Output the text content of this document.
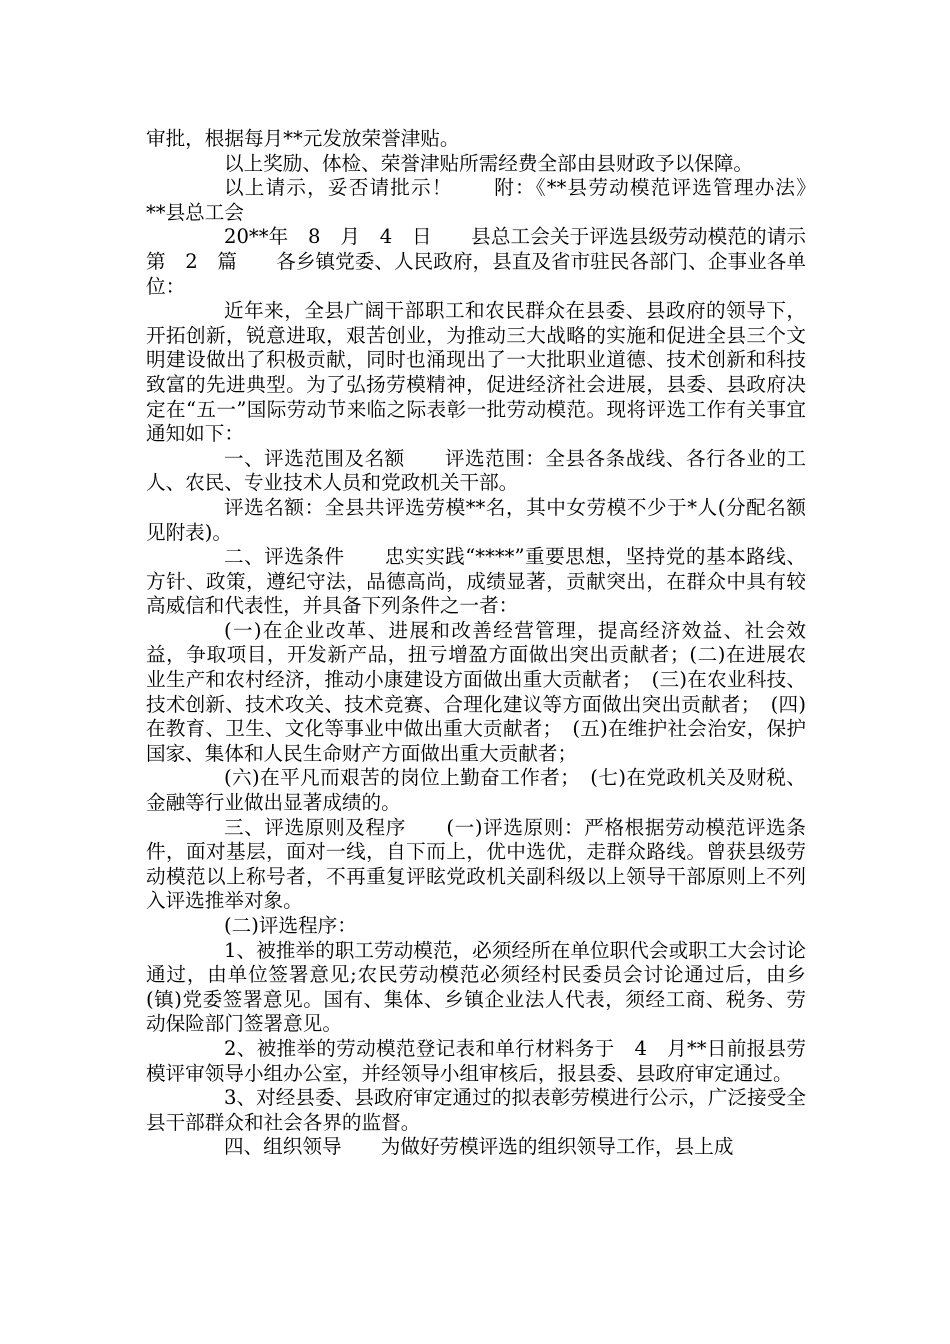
审批，根据每月**元发放荣誉津贴。

以上奖励、体检、荣誉津贴所需经费全部由县财政予以保障。

以上请示，妥否请批示！　　附：《**县劳动模范评选管理办法》　　**县总工会

20**年　8　月　4　日　　县总工会关于评选县级劳动模范的请示第　2　篇　　各乡镇党委、人民政府，县直及省市驻民各部门、企事业各单位：

近年来，全县广阔干部职工和农民群众在县委、县政府的领导下，开拓创新，锐意进取，艰苦创业，为推动三大战略的实施和促进全县三个文明建设做出了积极贡献，同时也涌现出了一大批职业道德、技术创新和科技致富的先进典型。为了弘扬劳模精神，促进经济社会进展，县委、县政府决定在“五一”国际劳动节来临之际表彰一批劳动模范。现将评选工作有关事宜通知如下：

一、评选范围及名额　　评选范围：全县各条战线、各行各业的工人、农民、专业技术人员和党政机关干部。

评选名额：全县共评选劳模**名，其中女劳模不少于*人(分配名额见附表)。

二、评选条件　　忠实实践“****”重要思想，坚持党的基本路线、方针、政策，遵纪守法，品德高尚，成绩显著，贡献突出，在群众中具有较高威信和代表性，并具备下列条件之一者：

(一)在企业改革、进展和改善经营管理，提高经济效益、社会效益，争取项目，开发新产品，扭亏增盈方面做出突出贡献者；(二)在进展农业生产和农村经济，推动小康建设方面做出重大贡献者；　(三)在农业科技、技术创新、技术攻关、技术竞赛、合理化建议等方面做出突出贡献者；　(四)在教育、卫生、文化等事业中做出重大贡献者；　(五)在维护社会治安，保护国家、集体和人民生命财产方面做出重大贡献者；

(六)在平凡而艰苦的岗位上勤奋工作者；　(七)在党政机关及财税、金融等行业做出显著成绩的。

三、评选原则及程序　　(一)评选原则：严格根据劳动模范评选条件，面对基层，面对一线，自下而上，优中选优，走群众路线。曾获县级劳动模范以上称号者，不再重复评眩党政机关副科级以上领导干部原则上不列入评选推举对象。

(二)评选程序：

1、被推举的职工劳动模范，必须经所在单位职代会或职工大会讨论通过，由单位签署意见;农民劳动模范必须经村民委员会讨论通过后，由乡(镇)党委签署意见。国有、集体、乡镇企业法人代表，须经工商、税务、劳动保险部门签署意见。

2、被推举的劳动模范登记表和单行材料务于　4　月**日前报县劳模评审领导小组办公室，并经领导小组审核后，报县委、县政府审定通过。

3、对经县委、县政府审定通过的拟表彰劳模进行公示，广泛接受全县干部群众和社会各界的监督。

四、组织领导　　为做好劳模评选的组织领导工作，县上成
